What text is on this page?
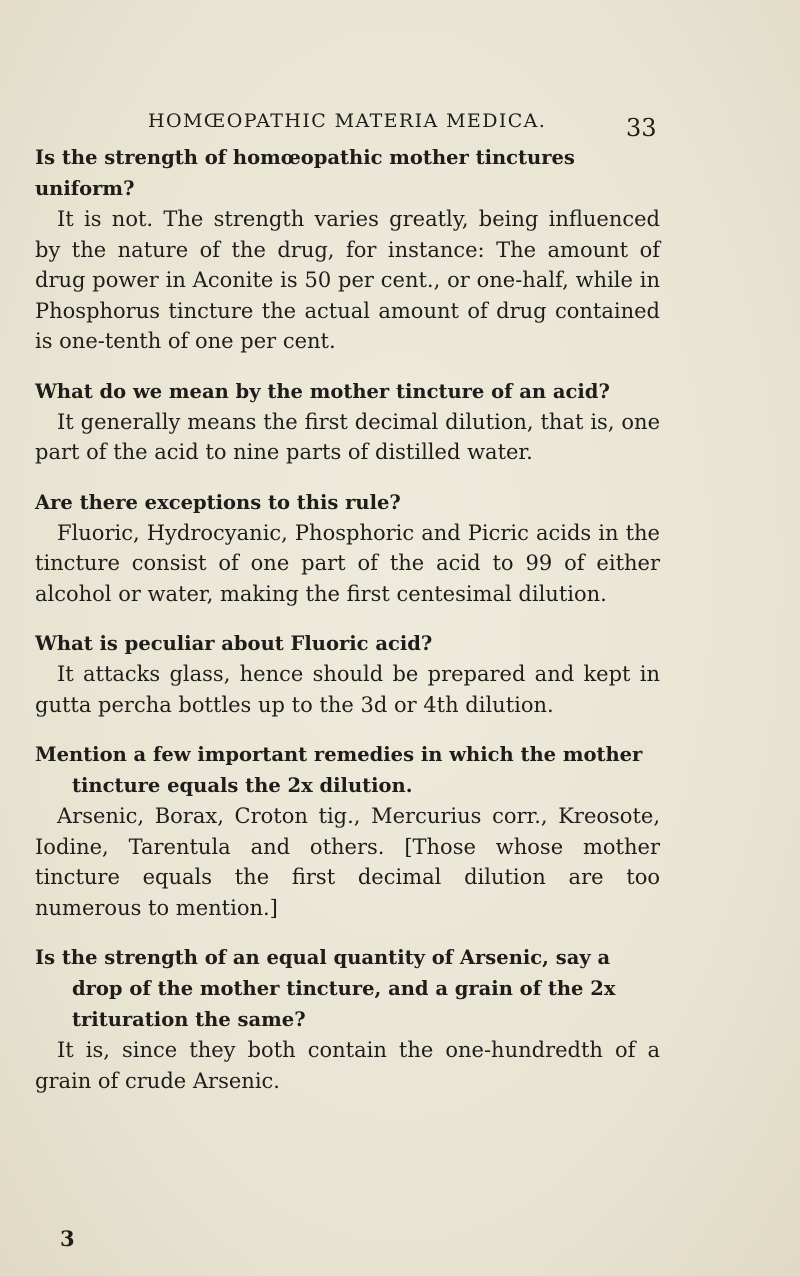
HOMŒOPATHIC MATERIA MEDICA.	33

Is the strength of homœopathic mother tinctures uniform?

It is not. The strength varies greatly, being influenced by the nature of the drug, for instance: The amount of drug power in Aconite is 50 per cent., or one-half, while in Phosphorus tincture the actual amount of drug contained is one-tenth of one per cent.

What do we mean by the mother tincture of an acid?

It generally means the first decimal dilution, that is, one part of the acid to nine parts of distilled water.

Are there exceptions to this rule?

Fluoric, Hydrocyanic, Phosphoric and Picric acids in the tincture consist of one part of the acid to 99 of either alcohol or water, making the first centesimal dilution.

What is peculiar about Fluoric acid?

It attacks glass, hence should be prepared and kept in gutta percha bottles up to the 3d or 4th dilution.

Mention a few important remedies in which the mother tincture equals the 2x dilution.

Arsenic, Borax, Croton tig., Mercurius corr., Kreosote, Iodine, Tarentula and others. [Those whose mother tincture equals the first decimal dilution are too numerous to mention.]

Is the strength of an equal quantity of Arsenic, say a drop of the mother tincture, and a grain of the 2x trituration the same?

It is, since they both contain the one-hundredth of a grain of crude Arsenic.

3
